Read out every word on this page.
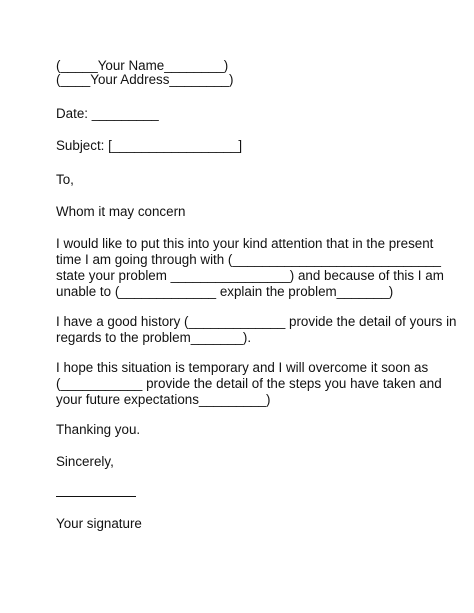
(_____Your Name________)

(____Your Address________)

Date: _________

Subject: [_________________]

To,

Whom it may concern

I would like to put this into your kind attention that in the present

time I am going through with (____________________________

state your problem ________________) and because of this I am

unable to (_____________ explain the problem_______)

I have a good history (_____________ provide the detail of yours in

regards to the problem_______).

I hope this situation is temporary and I will overcome it soon as

(___________ provide the detail of the steps you have taken and

your future expectations_________)

Thanking you.

Sincerely,

Your signature
